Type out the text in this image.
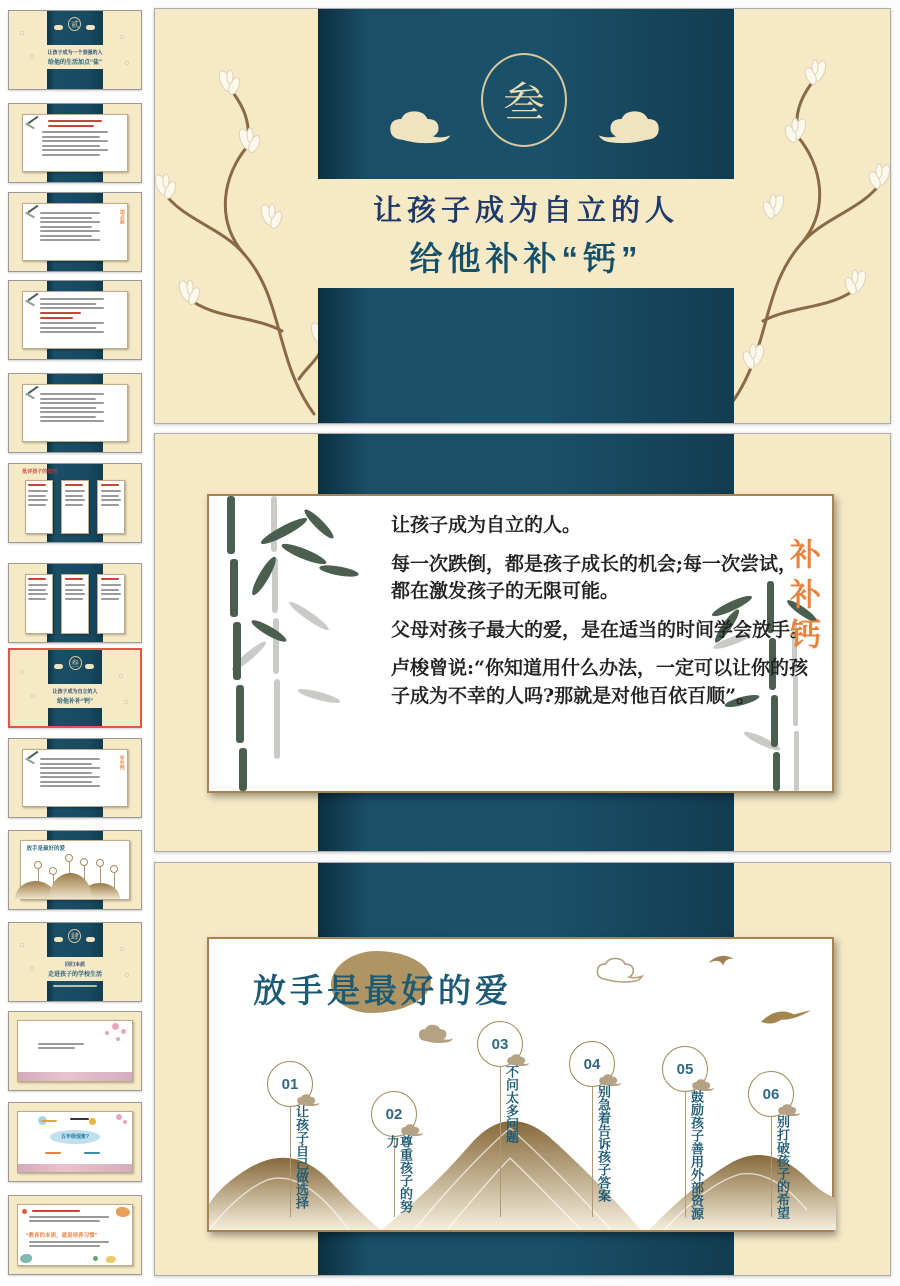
贰
让孩子成为一个坚强的人
给他的生活加点“盐”
加点盐
批评孩子的技巧
叁
让孩子成为自立的人
给他补补“钙”
补补钙
放手是最好的爱
肆
回归本质
走进孩子的学校生活
五年级现象?
“教育的本质，就是培养习惯”
叁
让孩子成为自立的人
给他补补“钙”

让孩子成为自立的人。

每一次跌倒，都是孩子成长的机会;每一次尝试，都在激发孩子的无限可能。

父母对孩子最大的爱，是在适当的时间学会放手。

卢梭曾说:“你知道用什么办法，一定可以让你的孩子成为不幸的人吗?那就是对他百依百顺”。

补补钙
放手是最好的爱
01
让孩子自己做选择	02
尊重孩子的努力
03
不问太多问题
04
别急着告诉孩子答案
05
鼓励孩子善用外部资源	06
别打破孩子的希望
